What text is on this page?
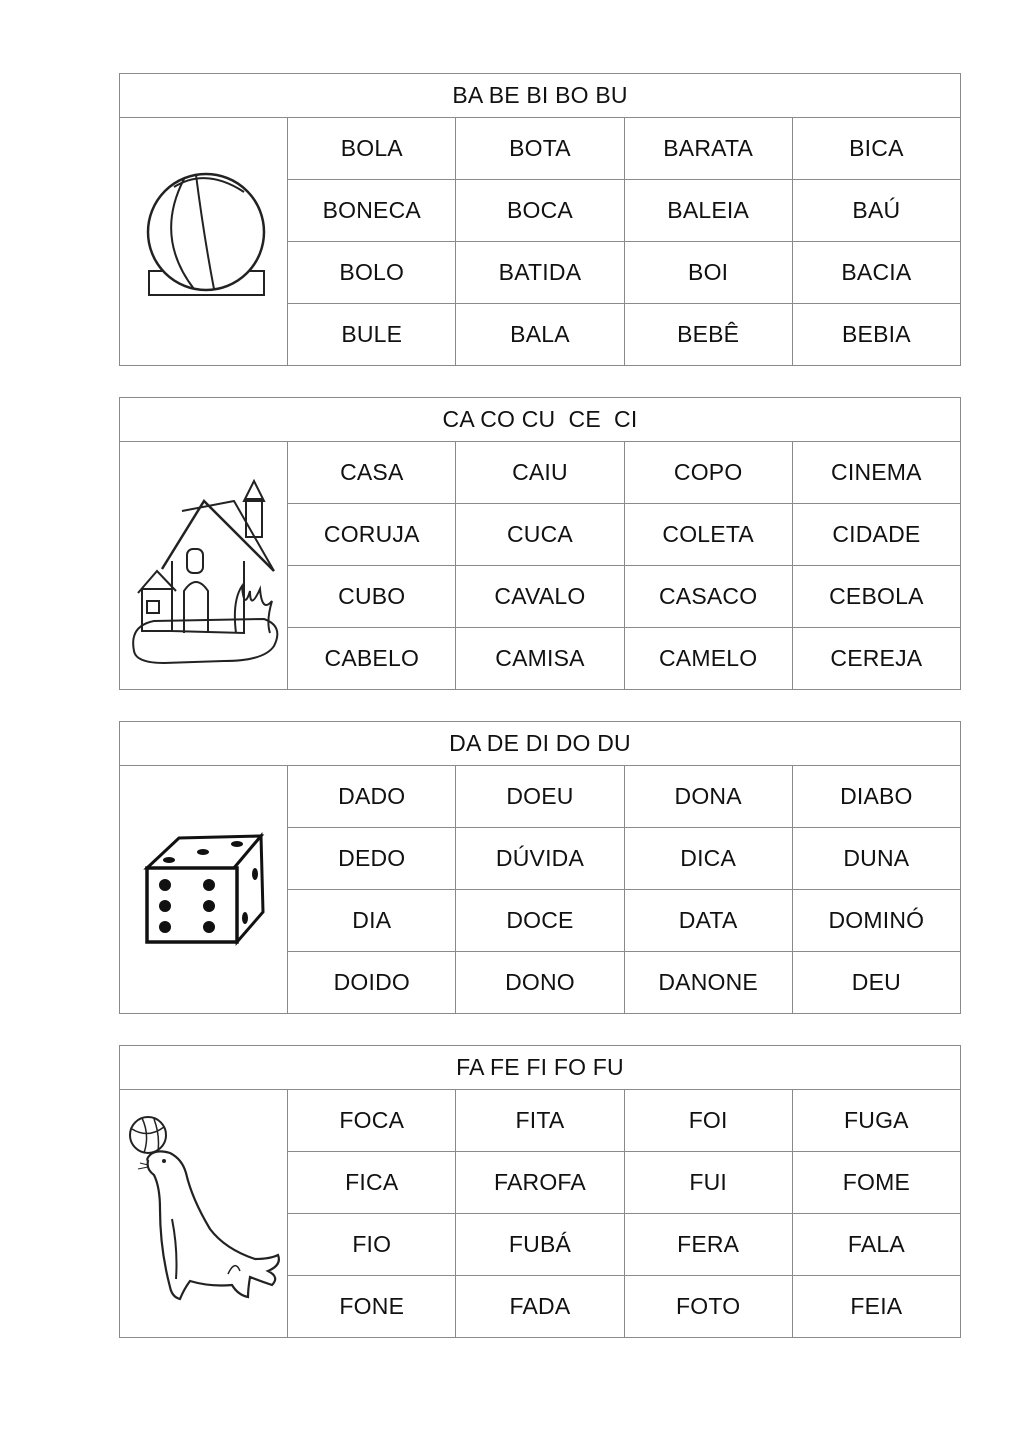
BA BE BI BO BU				

	BOLA	BOTA	BARATA	BICA
	BONECA	BOCA	BALEIA	BAÚ
	BOLO	BATIDA	BOI	BACIA
	BULE	BALA	BEBÊ	BEBIA
CA CO CU  CE  CI				

	CASA	CAIU	COPO	CINEMA
	CORUJA	CUCA	COLETA	CIDADE
	CUBO	CAVALO	CASACO	CEBOLA
	CABELO	CAMISA	CAMELO	CEREJA
DA DE DI DO DU				

	DADO	DOEU	DONA	DIABO
	DEDO	DÚVIDA	DICA	DUNA
	DIA	DOCE	DATA	DOMINÓ
	DOIDO	DONO	DANONE	DEU
FA FE FI FO FU				

	FOCA	FITA	FOI	FUGA
	FICA	FAROFA	FUI	FOME
	FIO	FUBÁ	FERA	FALA
	FONE	FADA	FOTO	FEIA
